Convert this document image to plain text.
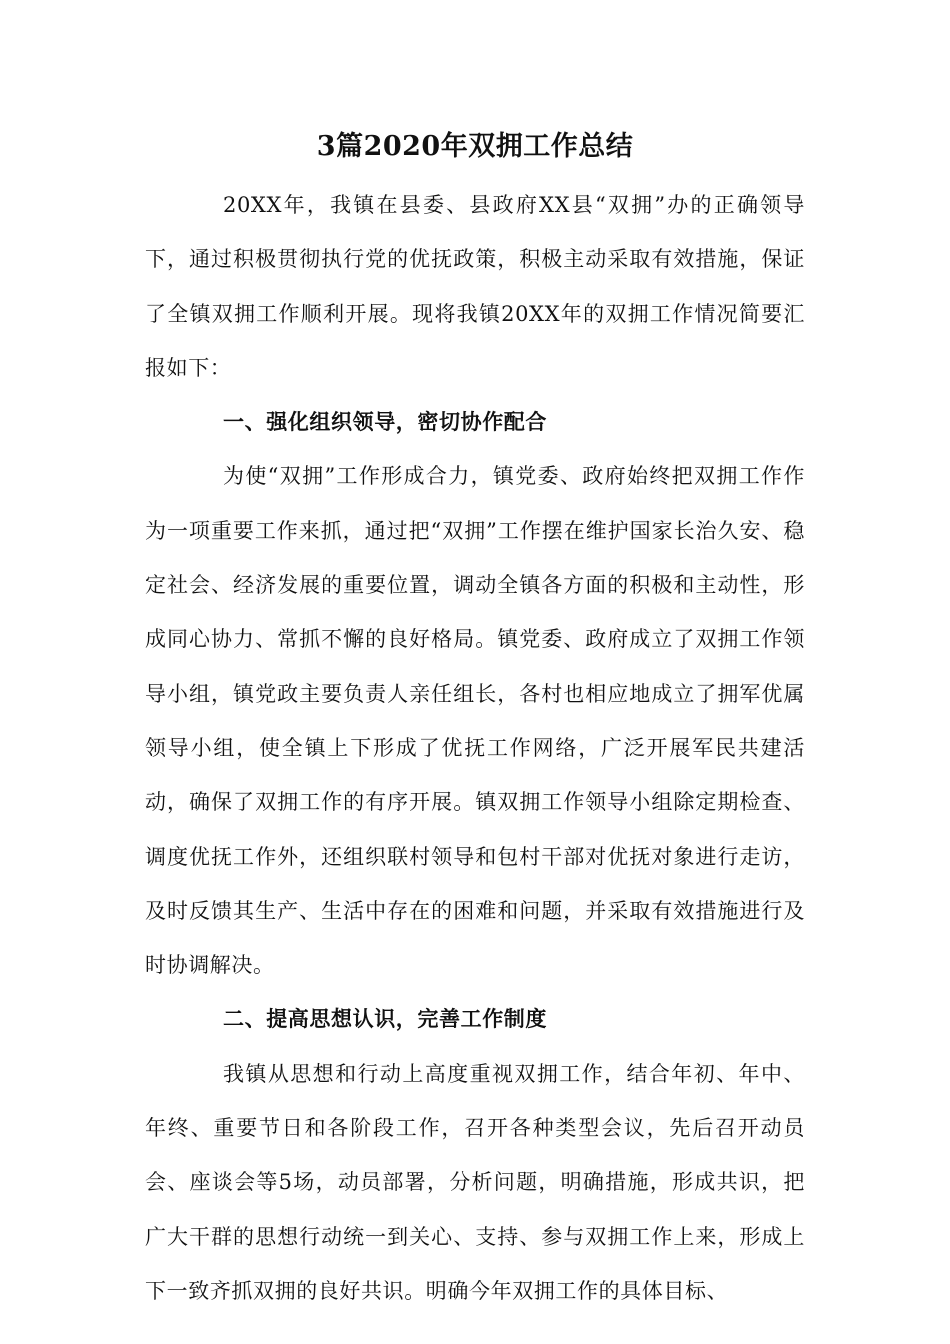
3篇2020年双拥工作总结

20XX年，我镇在县委、县政府XX县“双拥”办的正确领导下，通过积极贯彻执行党的优抚政策，积极主动采取有效措施，保证了全镇双拥工作顺利开展。现将我镇20XX年的双拥工作情况简要汇报如下：

一、强化组织领导，密切协作配合

为使“双拥”工作形成合力，镇党委、政府始终把双拥工作作为一项重要工作来抓，通过把“双拥”工作摆在维护国家长治久安、稳定社会、经济发展的重要位置，调动全镇各方面的积极和主动性，形成同心协力、常抓不懈的良好格局。镇党委、政府成立了双拥工作领导小组，镇党政主要负责人亲任组长，各村也相应地成立了拥军优属领导小组，使全镇上下形成了优抚工作网络，广泛开展军民共建活动，确保了双拥工作的有序开展。镇双拥工作领导小组除定期检查、调度优抚工作外，还组织联村领导和包村干部对优抚对象进行走访，及时反馈其生产、生活中存在的困难和问题，并采取有效措施进行及时协调解决。

二、提高思想认识，完善工作制度

我镇从思想和行动上高度重视双拥工作，结合年初、年中、年终、重要节日和各阶段工作，召开各种类型会议，先后召开动员会、座谈会等5场，动员部署，分析问题，明确措施，形成共识，把广大干群的思想行动统一到关心、支持、参与双拥工作上来，形成上下一致齐抓双拥的良好共识。明确今年双拥工作的具体目标、
